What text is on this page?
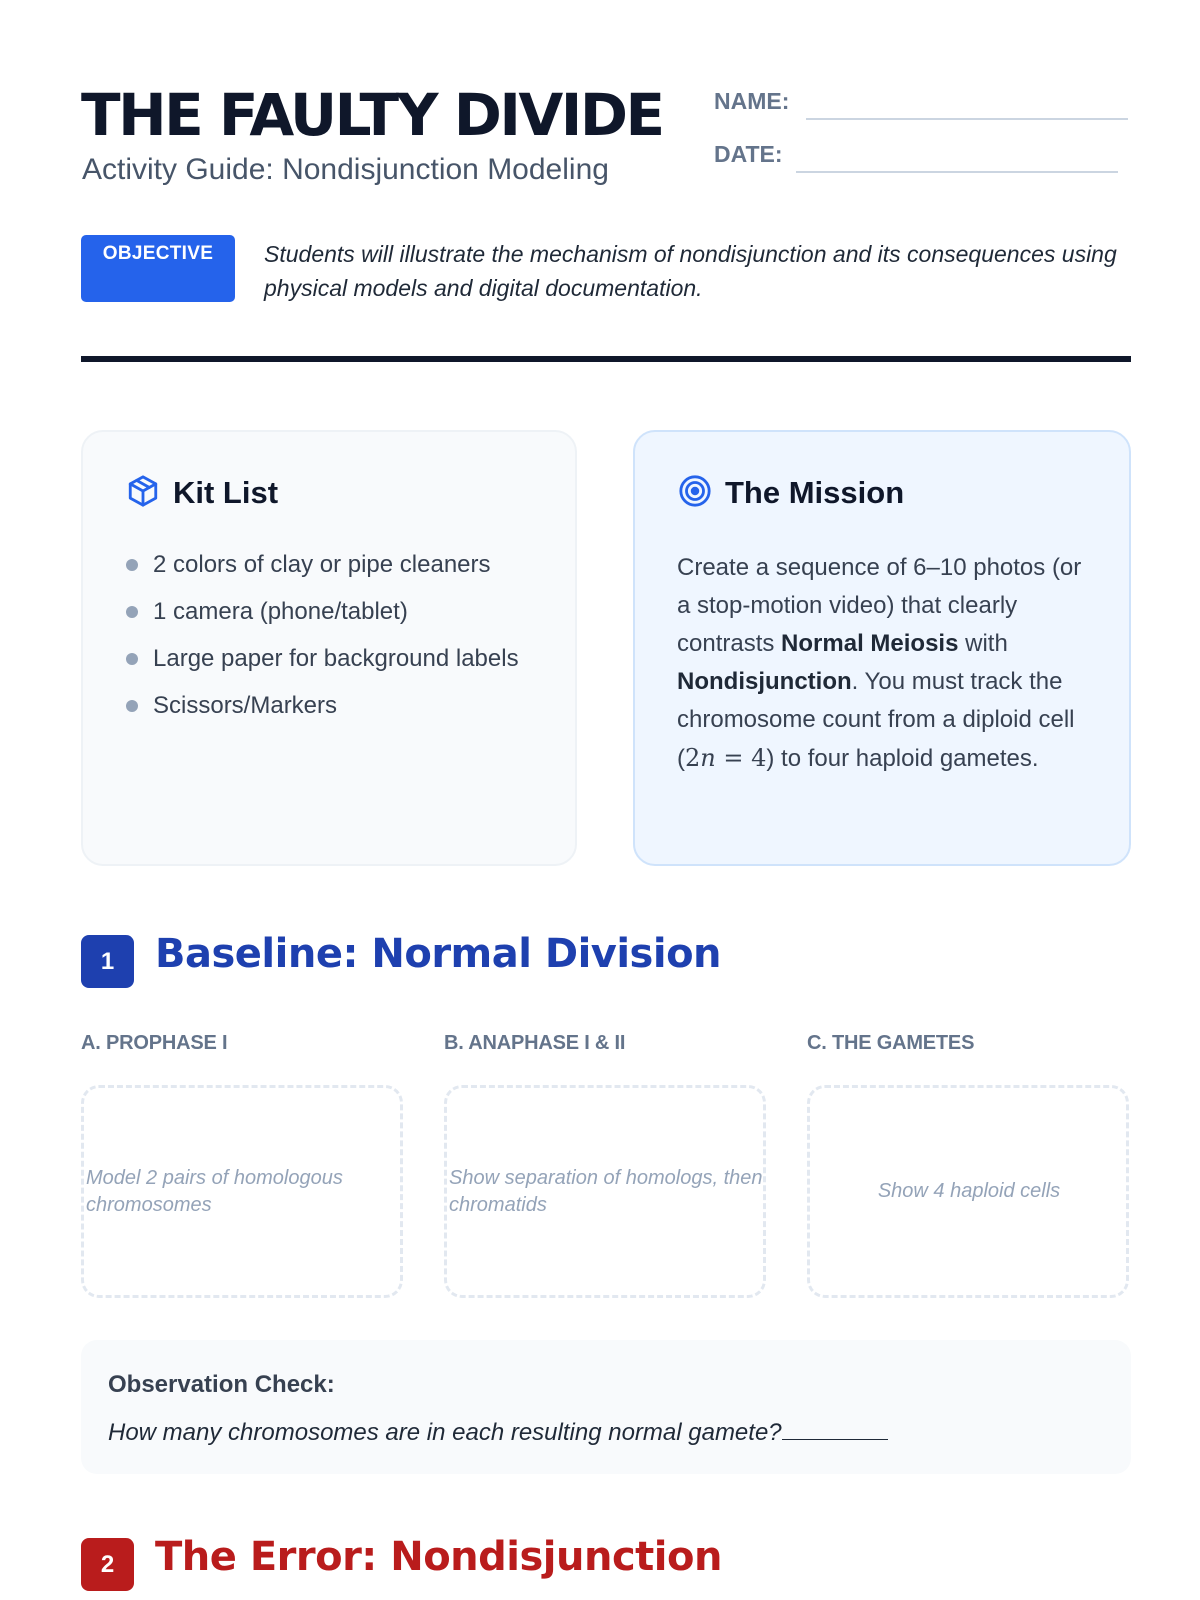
THE FAULTY DIVIDE
Activity Guide: Nondisjunction Modeling
NAME:
DATE:
OBJECTIVE	Students will illustrate the mechanism of nondisjunction and its consequences using physical models and digital documentation.

Kit List
2 colors of clay or pipe cleaners
1 camera (phone/tablet)
Large paper for background labels
Scissors/Markers
The Mission

Create a sequence of 6–10 photos (or a stop-motion video) that clearly contrasts Normal Meiosis with Nondisjunction. You must track the chromosome count from a diploid cell (2n = 4) to four haploid gametes.

1	Baseline: Normal Division
A. PROPHASE I
Model 2 pairs of homologous chromosomes
B. ANAPHASE I & II
Show separation of homologs, then chromatids
C. THE GAMETES
Show 4 haploid cells
Observation Check:
How many chromosomes are in each resulting normal gamete?
2	The Error: Nondisjunction
